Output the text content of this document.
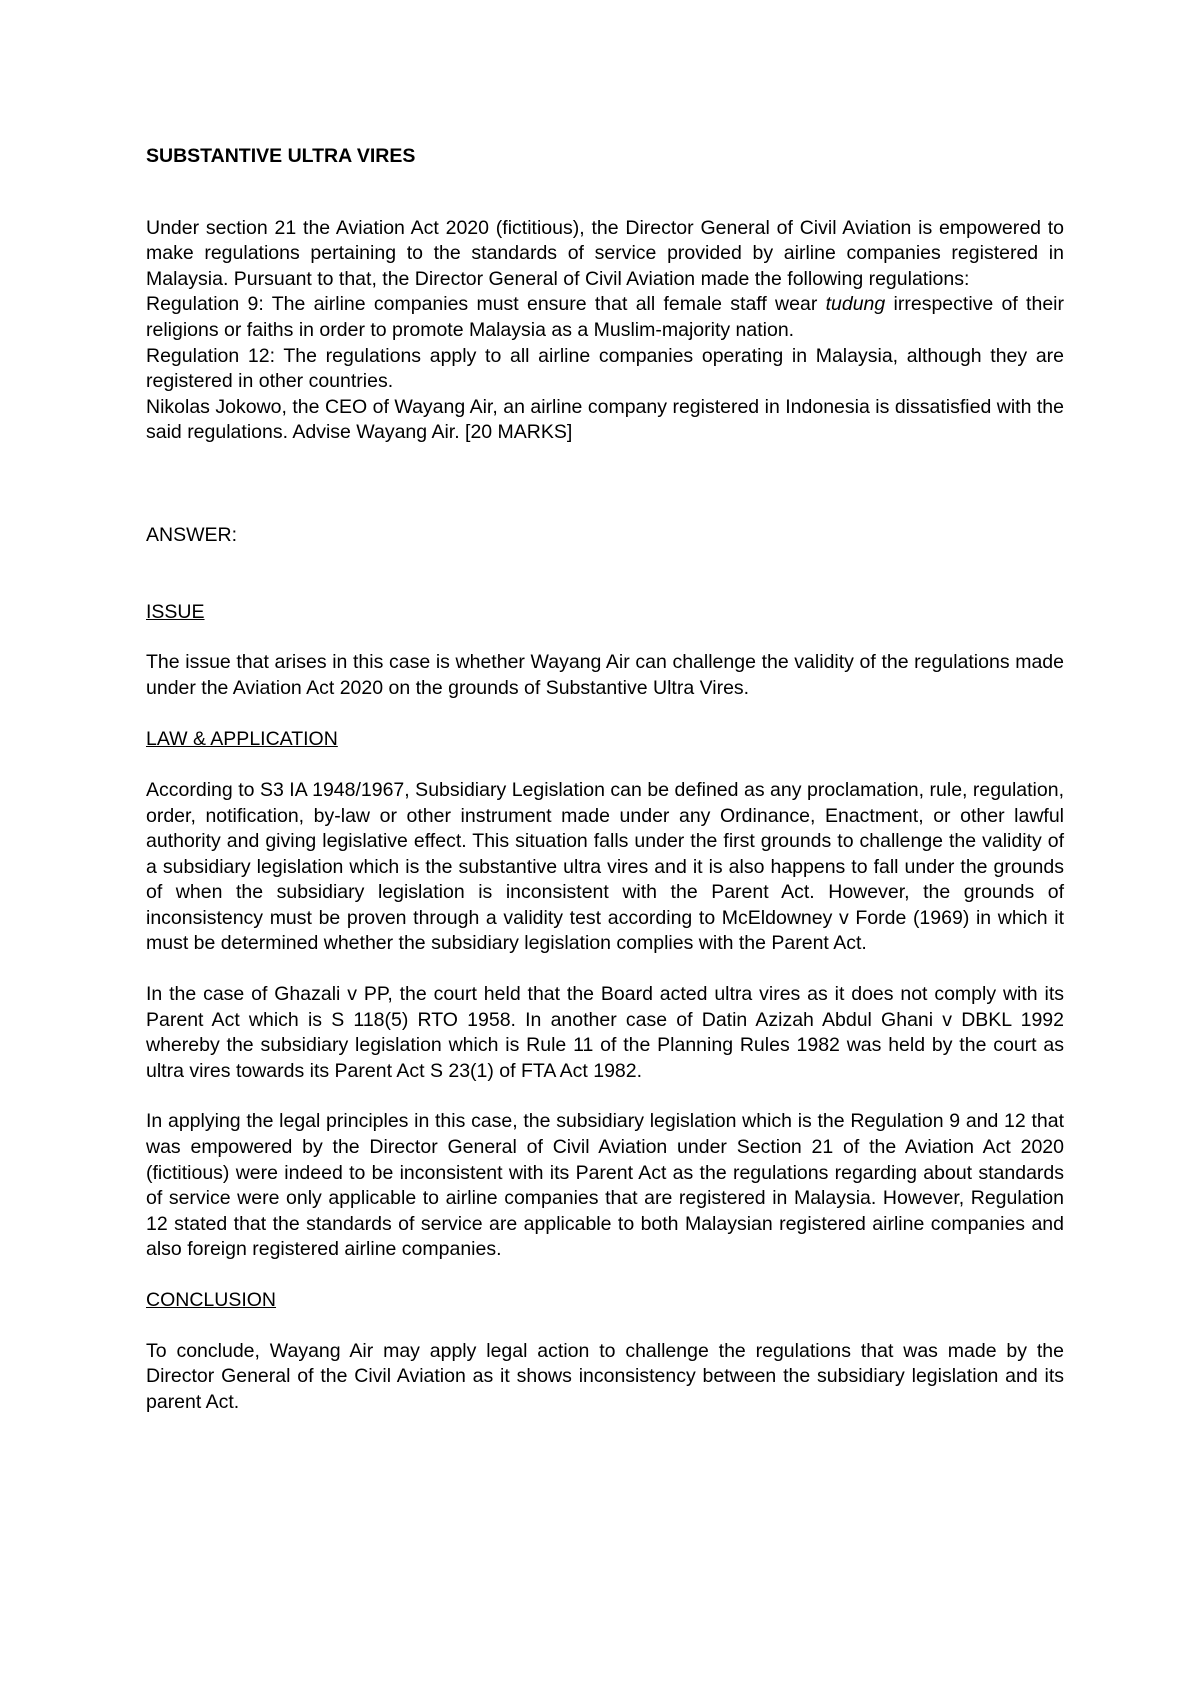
SUBSTANTIVE ULTRA VIRES

Under section 21 the Aviation Act 2020 (fictitious), the Director General of Civil Aviation is empowered to make regulations pertaining to the standards of service provided by airline companies registered in Malaysia. Pursuant to that, the Director General of Civil Aviation made the following regulations:

Regulation 9: The airline companies must ensure that all female staff wear tudung irrespective of their religions or faiths in order to promote Malaysia as a Muslim-majority nation.

Regulation 12: The regulations apply to all airline companies operating in Malaysia, although they are registered in other countries.

Nikolas Jokowo, the CEO of Wayang Air, an airline company registered in Indonesia is dissatisfied with the said regulations. Advise Wayang Air. [20 MARKS]

ANSWER:

ISSUE

The issue that arises in this case is whether Wayang Air can challenge the validity of the regulations made under the Aviation Act 2020 on the grounds of Substantive Ultra Vires.

LAW & APPLICATION

According to S3 IA 1948/1967, Subsidiary Legislation can be defined as any proclamation, rule, regulation, order, notification, by-law or other instrument made under any Ordinance, Enactment, or other lawful authority and giving legislative effect. This situation falls under the first grounds to challenge the validity of a subsidiary legislation which is the substantive ultra vires and it is also happens to fall under the grounds of when the subsidiary legislation is inconsistent with the Parent Act. However, the grounds of inconsistency must be proven through a validity test according to McEldowney v Forde (1969) in which it must be determined whether the subsidiary legislation complies with the Parent Act.

In the case of Ghazali v PP, the court held that the Board acted ultra vires as it does not comply with its Parent Act which is S 118(5) RTO 1958. In another case of Datin Azizah Abdul Ghani v DBKL 1992 whereby the subsidiary legislation which is Rule 11 of the Planning Rules 1982 was held by the court as ultra vires towards its Parent Act S 23(1) of FTA Act 1982.

In applying the legal principles in this case, the subsidiary legislation which is the Regulation 9 and 12 that was empowered by the Director General of Civil Aviation under Section 21 of the Aviation Act 2020 (fictitious) were indeed to be inconsistent with its Parent Act as the regulations regarding about standards of service were only applicable to airline companies that are registered in Malaysia. However, Regulation 12 stated that the standards of service are applicable to both Malaysian registered airline companies and also foreign registered airline companies.

CONCLUSION

To conclude, Wayang Air may apply legal action to challenge the regulations that was made by the Director General of the Civil Aviation as it shows inconsistency between the subsidiary legislation and its parent Act.
